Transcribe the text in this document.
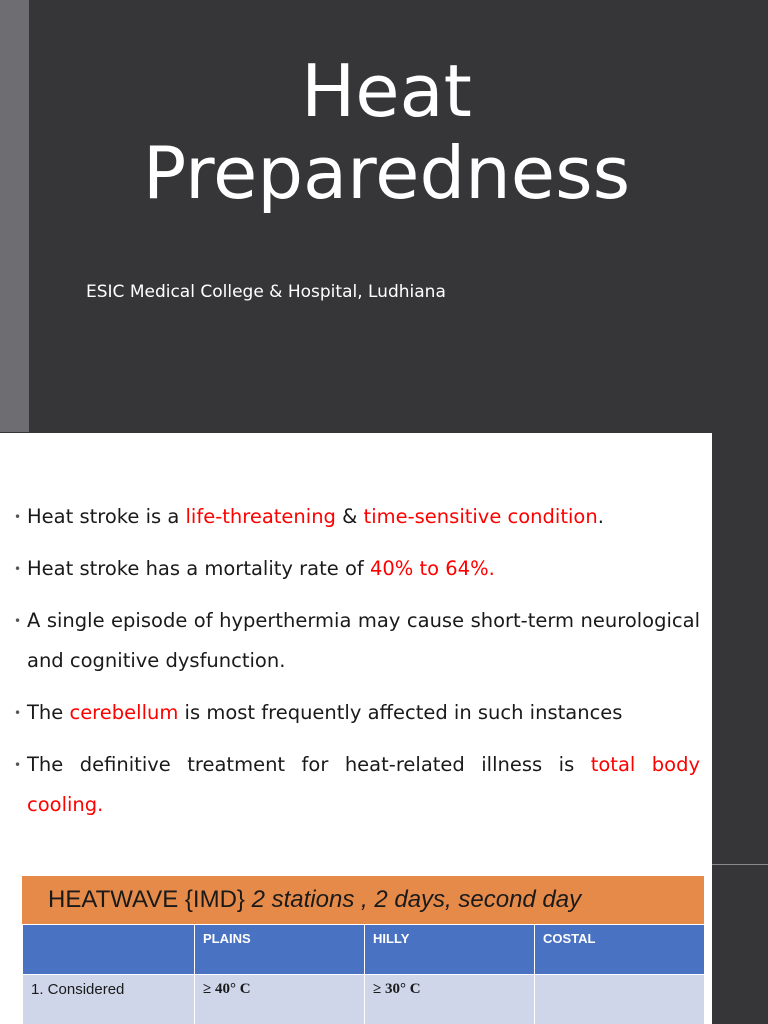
Heat
Preparedness
ESIC Medical College & Hospital, Ludhiana
• Heat stroke is a life-threatening & time-sensitive condition.
• Heat stroke has a mortality rate of 40% to 64%.
• A single episode of hyperthermia may cause short-term neurological and cognitive dysfunction.
• The cerebellum is most frequently affected in such instances
• The definitive treatment for heat-related illness is total body cooling.
HEATWAVE {IMD} 2 stations , 2 days, second day
	PLAINS	HILLY	COSTAL
1. Considered	≥ 40° C	≥ 30° C	
